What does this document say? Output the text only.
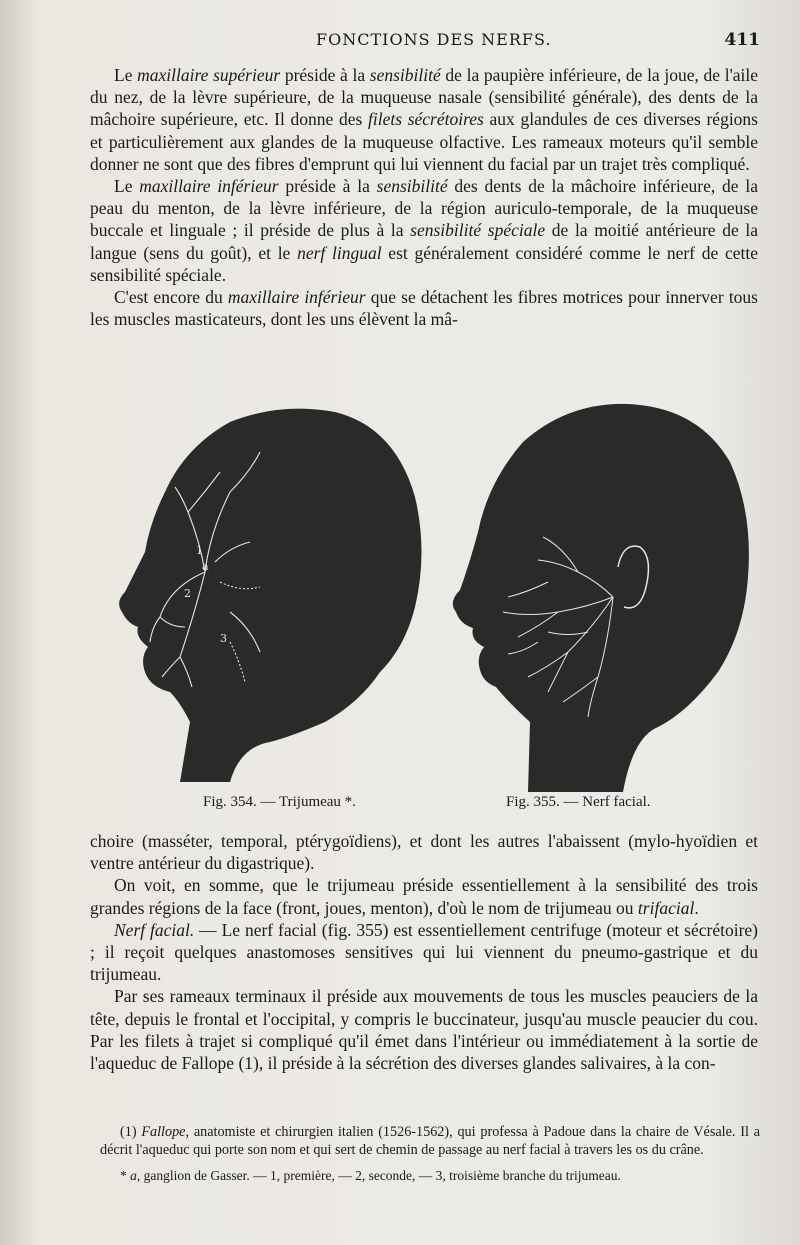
FONCTIONS DES NERFS.	411

Le maxillaire supérieur préside à la sensibilité de la paupière inférieure, de la joue, de l'aile du nez, de la lèvre supérieure, de la muqueuse nasale (sensibilité générale), des dents de la mâchoire supérieure, etc. Il donne des filets sécrétoires aux glandules de ces diverses régions et particulièrement aux glandes de la muqueuse olfactive. Les rameaux moteurs qu'il semble donner ne sont que des fibres d'emprunt qui lui viennent du facial par un trajet très compliqué.

Le maxillaire inférieur préside à la sensibilité des dents de la mâchoire inférieure, de la peau du menton, de la lèvre inférieure, de la région auriculo-temporale, de la muqueuse buccale et linguale ; il préside de plus à la sensibilité spéciale de la moitié antérieure de la langue (sens du goût), et le nerf lingual est généralement considéré comme le nerf de cette sensibilité spéciale.

C'est encore du maxillaire inférieur que se détachent les fibres motrices pour innerver tous les muscles masticateurs, dont les uns élèvent la mâ-

a
1
2
3
Fig. 354. — Trijumeau *.	Fig. 355. — Nerf facial.

choire (masséter, temporal, ptérygoïdiens), et dont les autres l'abaissent (mylo-hyoïdien et ventre antérieur du digastrique).

On voit, en somme, que le trijumeau préside essentiellement à la sensibilité des trois grandes régions de la face (front, joues, menton), d'où le nom de trijumeau ou trifacial.

Nerf facial. — Le nerf facial (fig. 355) est essentiellement centrifuge (moteur et sécrétoire) ; il reçoit quelques anastomoses sensitives qui lui viennent du pneumo-gastrique et du trijumeau.

Par ses rameaux terminaux il préside aux mouvements de tous les muscles peauciers de la tête, depuis le frontal et l'occipital, y compris le buccinateur, jusqu'au muscle peaucier du cou. Par les filets à trajet si compliqué qu'il émet dans l'intérieur ou immédiatement à la sortie de l'aqueduc de Fallope (1), il préside à la sécrétion des diverses glandes salivaires, à la con-

(1) Fallope, anatomiste et chirurgien italien (1526-1562), qui professa à Padoue dans la chaire de Vésale. Il a décrit l'aqueduc qui porte son nom et qui sert de chemin de passage au nerf facial à travers les os du crâne.

* a, ganglion de Gasser. — 1, première, — 2, seconde, — 3, troisième branche du trijumeau.
